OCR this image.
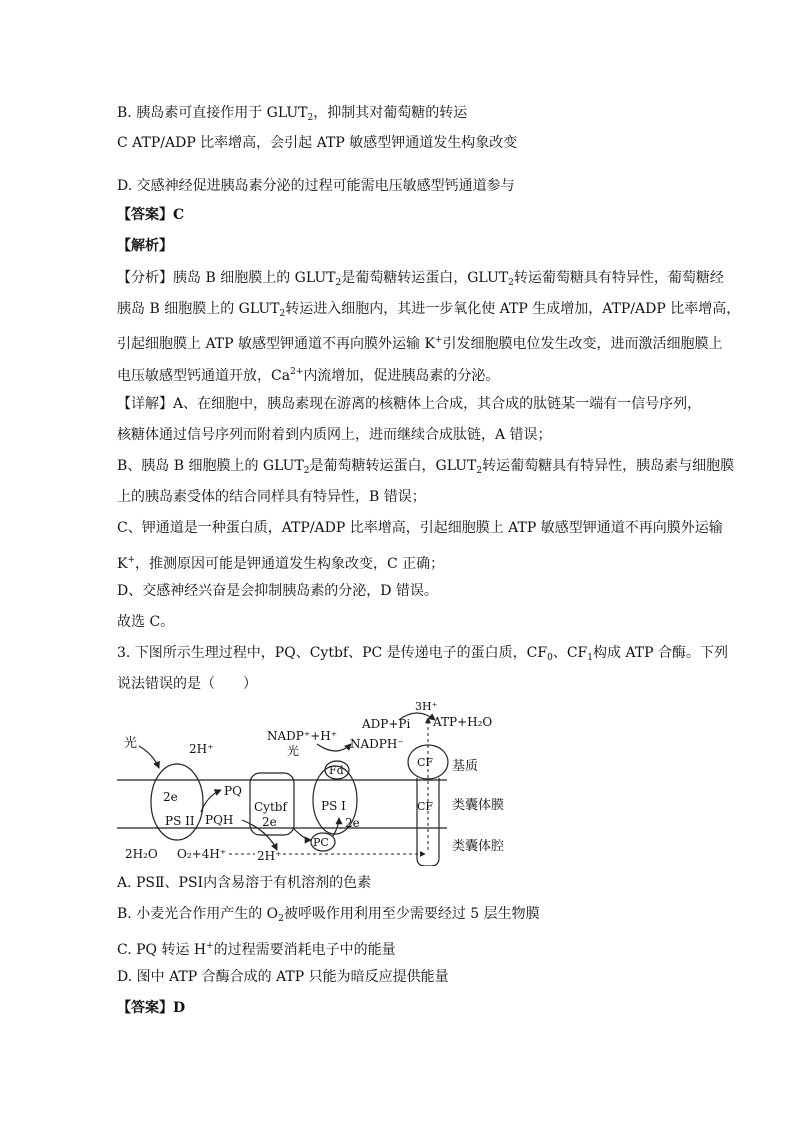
B. 胰岛素可直接作用于 $GLUT_2$，抑制其对葡萄糖的转运
C ATP/ADP 比率增高，会引起 ATP 敏感型钾通道发生构象改变
D. 交感神经促进胰岛素分泌的过程可能需电压敏感型钙通道参与
【答案】C
【解析】
【分析】胰岛 B 细胞膜上的 $GLUT_2$是葡萄糖转运蛋白，$GLUT_2$转运葡萄糖具有特异性，葡萄糖经
胰岛 B 细胞膜上的 $GLUT_2$转运进入细胞内，其进一步氧化使 ATP 生成增加，ATP/ADP 比率增高，
引起细胞膜上 ATP 敏感型钾通道不再向膜外运输 K+引发细胞膜电位发生改变，进而激活细胞膜上
电压敏感型钙通道开放，$Ca^{2+}$内流增加，促进胰岛素的分泌。
【详解】A、在细胞中，胰岛素现在游离的核糖体上合成，其合成的肽链某一端有一信号序列，
核糖体通过信号序列而附着到内质网上，进而继续合成肽链，A 错误；
B、胰岛 B 细胞膜上的 $GLUT_2$是葡萄糖转运蛋白，$GLUT_2$转运葡萄糖具有特异性，胰岛素与细胞膜
上的胰岛素受体的结合同样具有特异性，B 错误；
C、钾通道是一种蛋白质，ATP/ADP 比率增高，引起细胞膜上 ATP 敏感型钾通道不再向膜外运输
K+，推测原因可能是钾通道发生构象改变，C 正确；
D、交感神经兴奋是会抑制胰岛素的分泌，D 错误。
故选 C。
3. 下图所示生理过程中，PQ、Cytbf、PC 是传递电子的蛋白质，$CF_0$、$CF_1$构成 ATP 合酶。下列
说法错误的是（　　）
PS II
2e
Cytbf	PS I
Fd
2e
PC
CF
CF
光	2H⁺
PQ
PQH 2e
NADP⁺+H⁺
光	NADPH⁻
ADP+Pi ATP+H₂O
3H⁺
基质
类囊体膜
类囊体腔
2H₂O O₂+4H⁺	2H⁺
A. PSⅡ、PSⅠ内含易溶于有机溶剂的色素
B. 小麦光合作用产生的 $O_2$被呼吸作用利用至少需要经过 5 层生物膜
C. PQ 转运 H+的过程需要消耗电子中的能量
D. 图中 ATP 合酶合成的 ATP 只能为暗反应提供能量
【答案】D
